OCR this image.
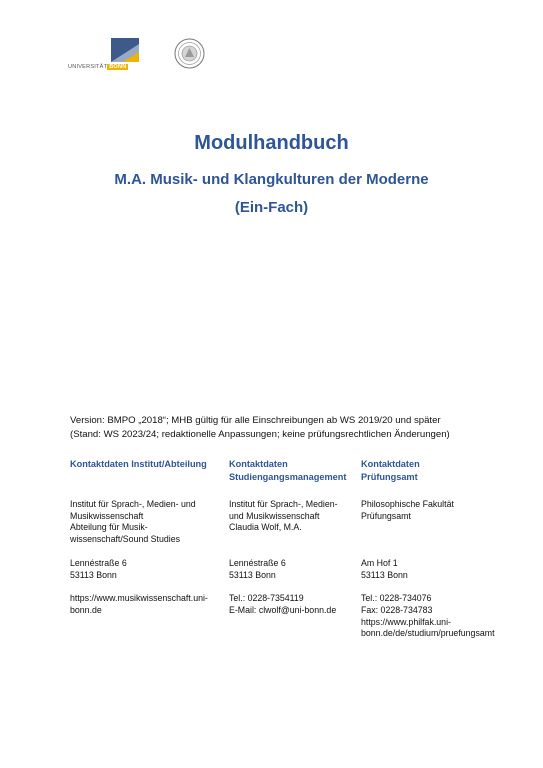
UNIVERSITÄT BONN
Modulhandbuch
M.A. Musik- und Klangkulturen der Moderne
(Ein-Fach)
Version: BMPO „2018“; MHB gültig für alle Einschreibungen ab WS 2019/20 und später
(Stand: WS 2023/24; redaktionelle Anpassungen; keine prüfungsrechtlichen Änderungen)
Kontaktdaten Institut/Abteilung
Institut für Sprach-, Medien- und
Musikwissenschaft
Abteilung für Musik-
wissenschaft/Sound Studies
Lennéstraße 6
53113 Bonn
https://www.musikwissenschaft.uni-
bonn.de
Kontaktdaten
Studiengangsmanagement
Institut für Sprach-, Medien-
und Musikwissenschaft
Claudia Wolf, M.A.
Lennéstraße 6
53113 Bonn
Tel.: 0228-7354119
E-Mail: clwolf@uni-bonn.de
Kontaktdaten
Prüfungsamt
Philosophische Fakultät
Prüfungsamt
Am Hof 1
53113 Bonn
Tel.: 0228-734076
Fax: 0228-734783
https://www.philfak.uni-
bonn.de/de/studium/pruefungsamt
